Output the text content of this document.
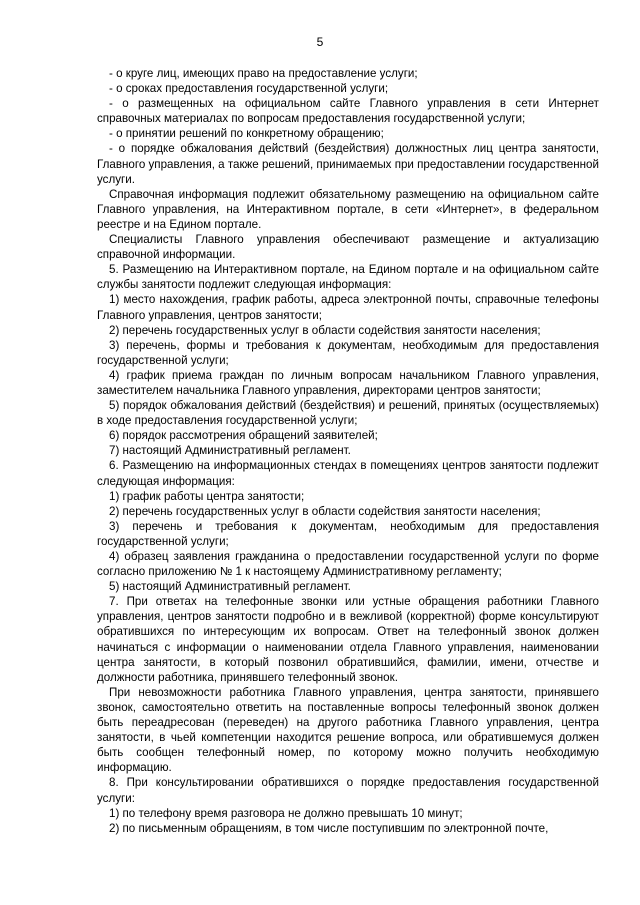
5

- о круге лиц, имеющих право на предоставление услуги;

- о сроках предоставления государственной услуги;

- о размещенных на официальном сайте Главного управления в сети Интернет справочных материалах по вопросам предоставления государственной услуги;

- о принятии решений по конкретному обращению;

- о порядке обжалования действий (бездействия) должностных лиц центра занятости, Главного управления, а также решений, принимаемых при предоставлении государственной услуги.

Справочная информация подлежит обязательному размещению на официальном сайте Главного управления, на Интерактивном портале, в сети «Интернет», в федеральном реестре и на Едином портале.

Специалисты Главного управления обеспечивают размещение и актуализацию справочной информации.

5. Размещению на Интерактивном портале, на Едином портале и на официальном сайте службы занятости подлежит следующая информация:

1) место нахождения, график работы, адреса электронной почты, справочные телефоны Главного управления, центров занятости;

2) перечень государственных услуг в области содействия занятости населения;

3) перечень, формы и требования к документам, необходимым для предоставления государственной услуги;

4) график приема граждан по личным вопросам начальником Главного управления, заместителем начальника Главного управления, директорами центров занятости;

5) порядок обжалования действий (бездействия) и решений, принятых (осуществляемых) в ходе предоставления государственной услуги;

6) порядок рассмотрения обращений заявителей;

7) настоящий Административный регламент.

6. Размещению на информационных стендах в помещениях центров занятости подлежит следующая информация:

1) график работы центра занятости;

2) перечень государственных услуг в области содействия занятости населения;

3) перечень и требования к документам, необходимым для предоставления государственной услуги;

4) образец заявления гражданина о предоставлении государственной услуги по форме согласно приложению № 1 к настоящему Административному регламенту;

5) настоящий Административный регламент.

7. При ответах на телефонные звонки или устные обращения работники Главного управления, центров занятости подробно и в вежливой (корректной) форме консультируют обратившихся по интересующим их вопросам. Ответ на телефонный звонок должен начинаться с информации о наименовании отдела Главного управления, наименовании центра занятости, в который позвонил обратившийся, фамилии, имени, отчестве и должности работника, принявшего телефонный звонок.

При невозможности работника Главного управления, центра занятости, принявшего звонок, самостоятельно ответить на поставленные вопросы телефонный звонок должен быть переадресован (переведен) на другого работника Главного управления, центра занятости, в чьей компетенции находится решение вопроса, или обратившемуся должен быть сообщен телефонный номер, по которому можно получить необходимую информацию.

8. При консультировании обратившихся о порядке предоставления государственной услуги:

1) по телефону время разговора не должно превышать 10 минут;

2) по письменным обращениям, в том числе поступившим по электронной почте,
